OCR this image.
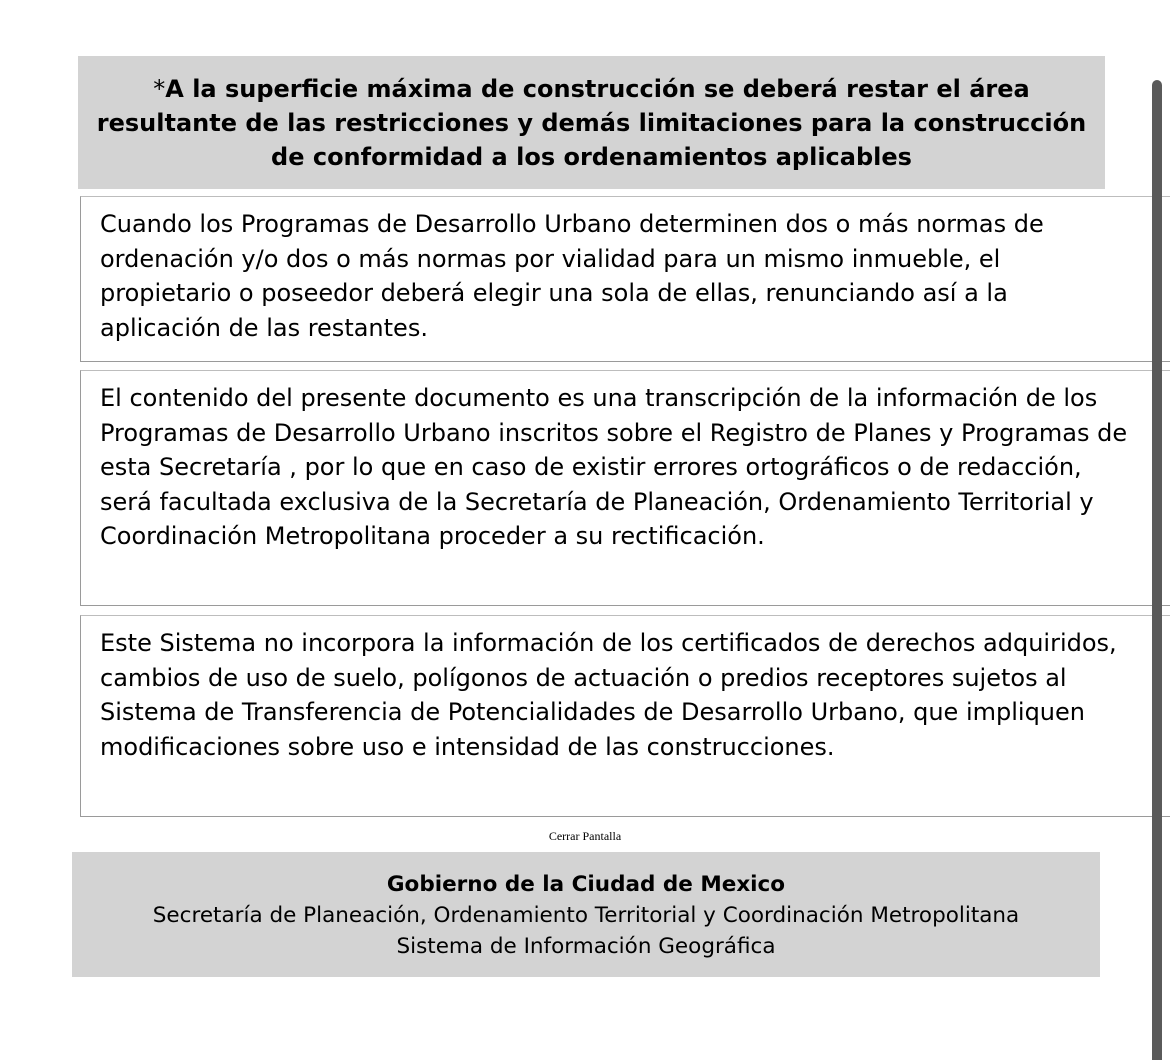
*A la superficie máxima de construcción se deberá restar el área resultante de las restricciones y demás limitaciones para la construcción de conformidad a los ordenamientos aplicables
Cuando los Programas de Desarrollo Urbano determinen dos o más normas de ordenación y/o dos o más normas por vialidad para un mismo inmueble, el propietario o poseedor deberá elegir una sola de ellas, renunciando así a la aplicación de las restantes.
El contenido del presente documento es una transcripción de la información de los Programas de Desarrollo Urbano inscritos sobre el Registro de Planes y Programas de esta Secretaría , por lo que en caso de existir errores ortográficos o de redacción, será facultada exclusiva de la Secretaría de Planeación, Ordenamiento Territorial y Coordinación Metropolitana proceder a su rectificación.
Este Sistema no incorpora la información de los certificados de derechos adquiridos, cambios de uso de suelo, polígonos de actuación o predios receptores sujetos al Sistema de Transferencia de Potencialidades de Desarrollo Urbano, que impliquen modificaciones sobre uso e intensidad de las construcciones.
Cerrar Pantalla
Gobierno de la Ciudad de Mexico
Secretaría de Planeación, Ordenamiento Territorial y Coordinación Metropolitana
Sistema de Información Geográfica
